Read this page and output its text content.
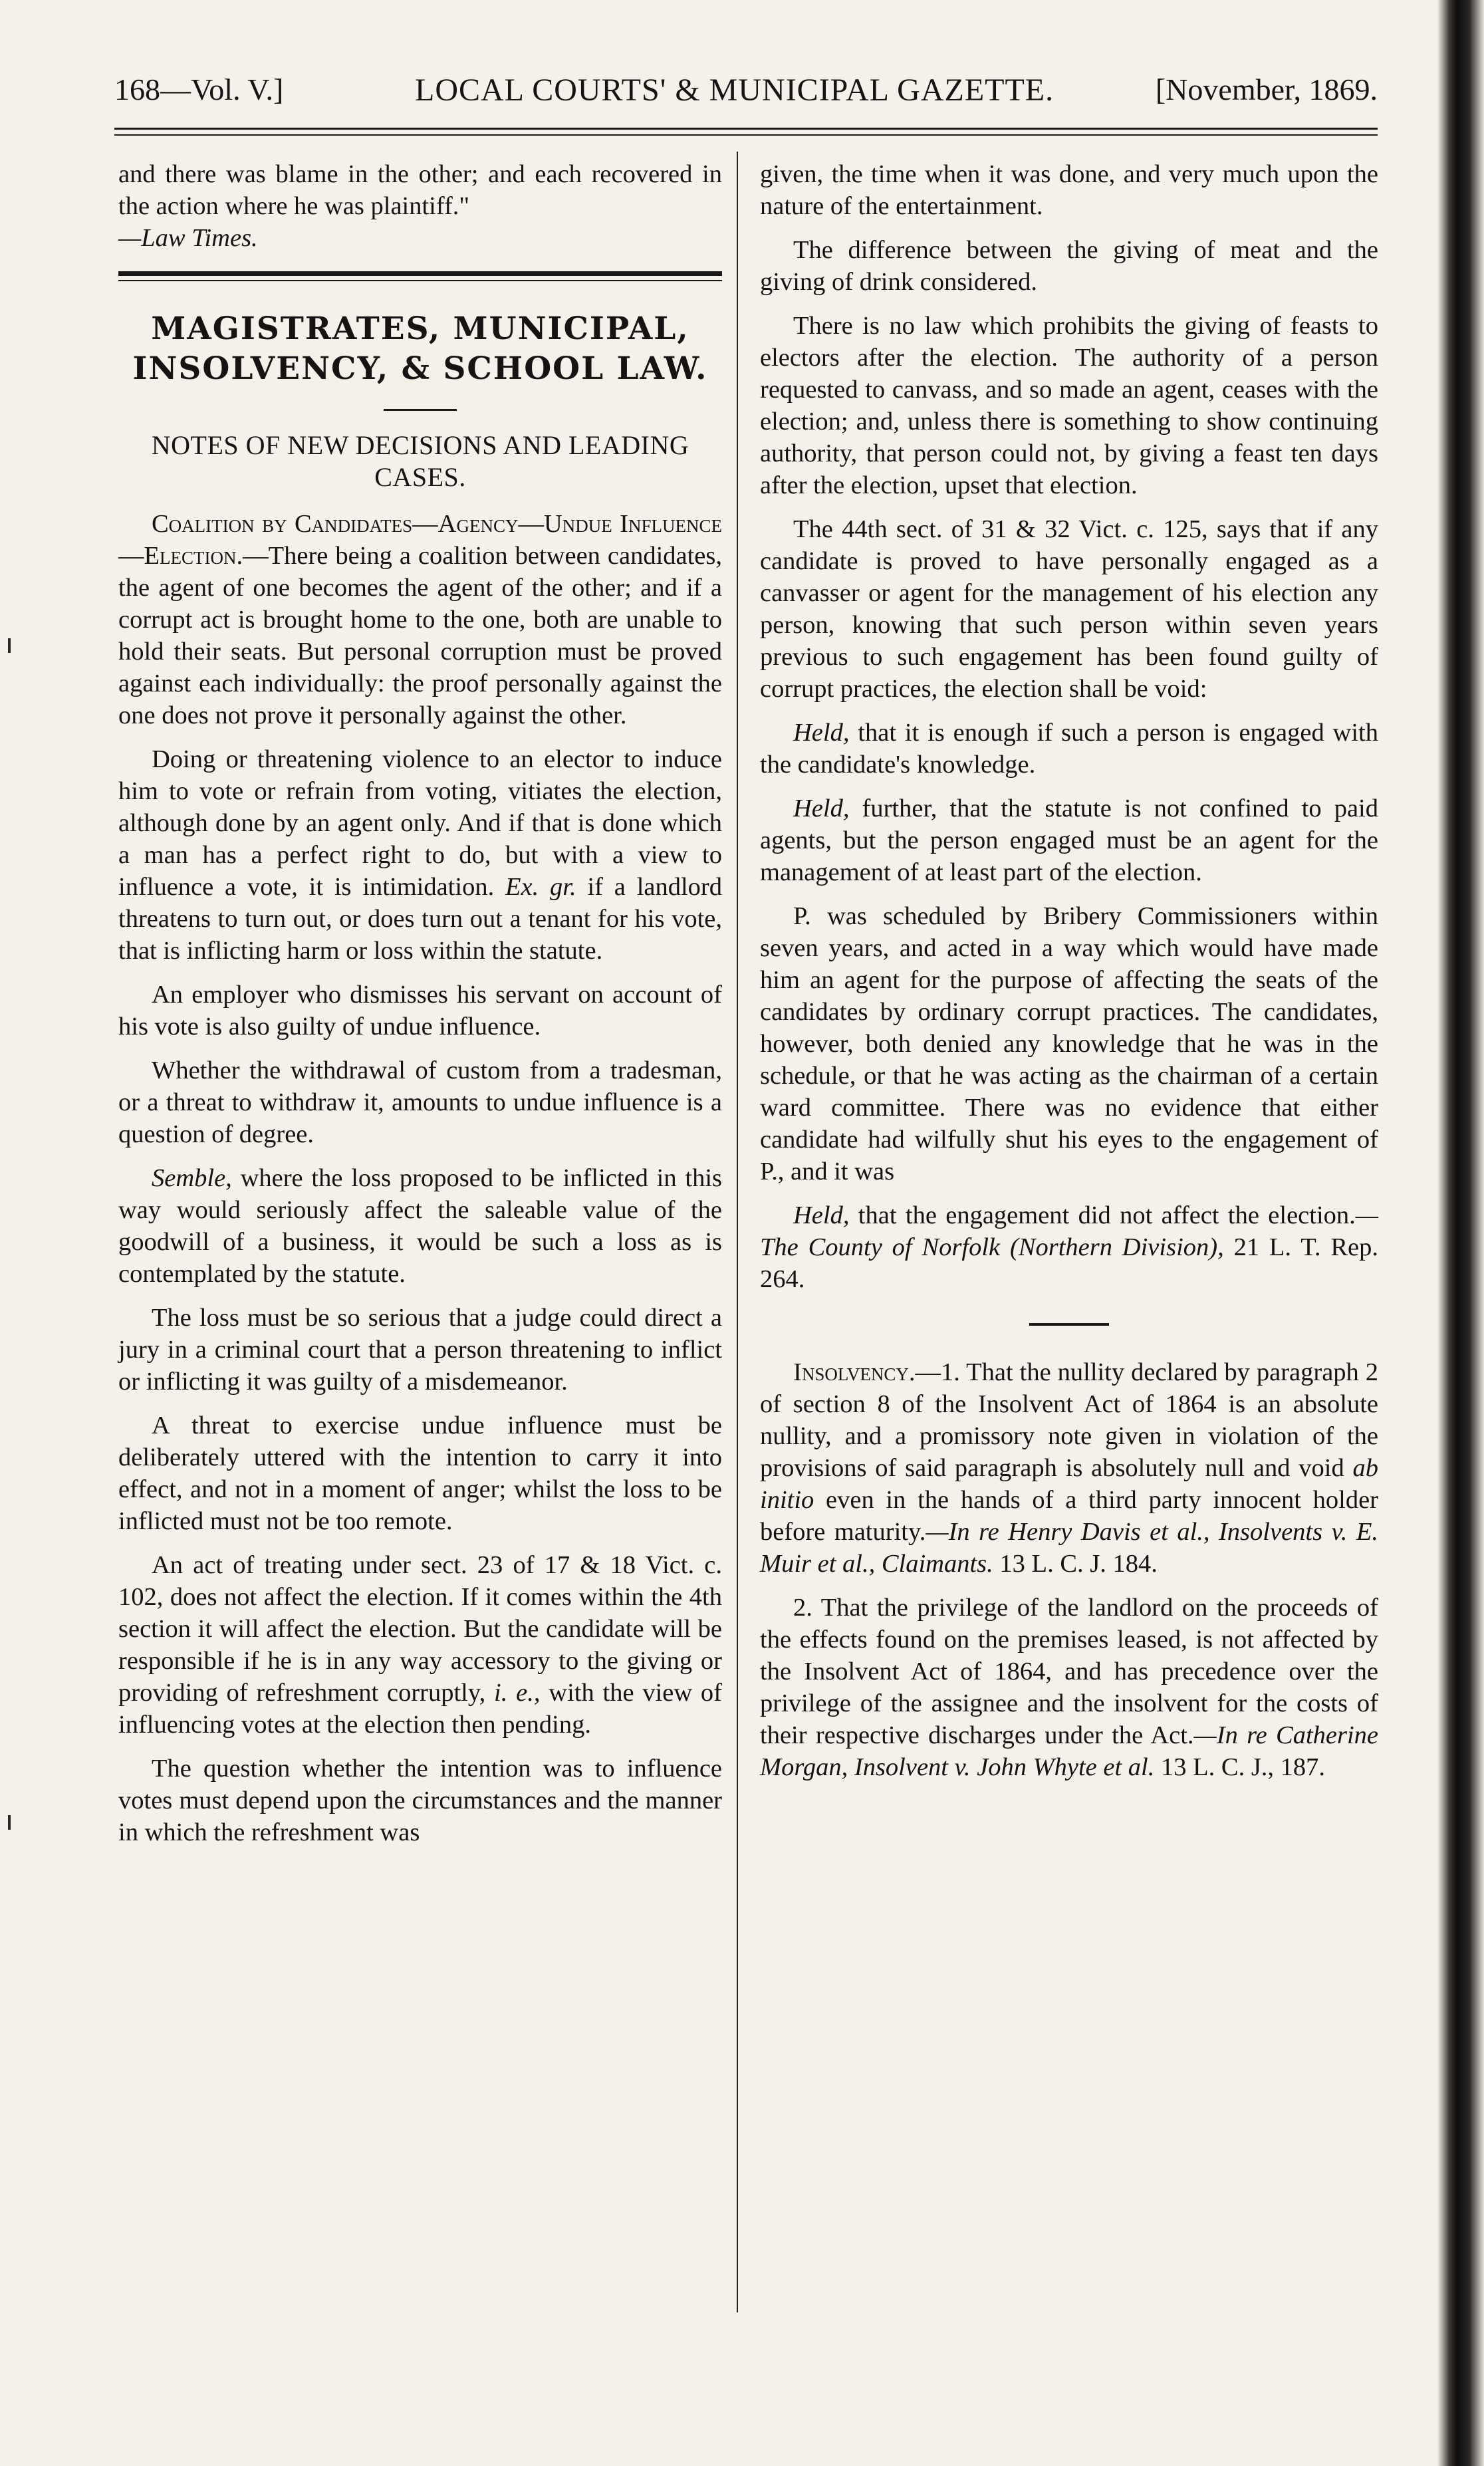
168—Vol. V.]	LOCAL COURTS' & MUNICIPAL GAZETTE.	[November, 1869.

and there was blame in the other; and each recovered in the action where he was plaintiff."
—Law Times.

MAGISTRATES, MUNICIPAL,
INSOLVENCY, & SCHOOL LAW.
NOTES OF NEW DECISIONS AND LEADING CASES.

Coalition by Candidates—Agency—Undue Influence—Election.—There being a coalition between candidates, the agent of one becomes the agent of the other; and if a corrupt act is brought home to the one, both are unable to hold their seats. But personal corruption must be proved against each individually: the proof personally against the one does not prove it personally against the other.

Doing or threatening violence to an elector to induce him to vote or refrain from voting, vitiates the election, although done by an agent only. And if that is done which a man has a perfect right to do, but with a view to influence a vote, it is intimidation. Ex. gr. if a landlord threatens to turn out, or does turn out a tenant for his vote, that is inflicting harm or loss within the statute.

An employer who dismisses his servant on account of his vote is also guilty of undue influence.

Whether the withdrawal of custom from a tradesman, or a threat to withdraw it, amounts to undue influence is a question of degree.

Semble, where the loss proposed to be inflicted in this way would seriously affect the saleable value of the goodwill of a business, it would be such a loss as is contemplated by the statute.

The loss must be so serious that a judge could direct a jury in a criminal court that a person threatening to inflict or inflicting it was guilty of a misdemeanor.

A threat to exercise undue influence must be deliberately uttered with the intention to carry it into effect, and not in a moment of anger; whilst the loss to be inflicted must not be too remote.

An act of treating under sect. 23 of 17 & 18 Vict. c. 102, does not affect the election. If it comes within the 4th section it will affect the election. But the candidate will be responsible if he is in any way accessory to the giving or providing of refreshment corruptly, i. e., with the view of influencing votes at the election then pending.

The question whether the intention was to influence votes must depend upon the circumstances and the manner in which the refreshment was

given, the time when it was done, and very much upon the nature of the entertainment.

The difference between the giving of meat and the giving of drink considered.

There is no law which prohibits the giving of feasts to electors after the election. The authority of a person requested to canvass, and so made an agent, ceases with the election; and, unless there is something to show continuing authority, that person could not, by giving a feast ten days after the election, upset that election.

The 44th sect. of 31 & 32 Vict. c. 125, says that if any candidate is proved to have personally engaged as a canvasser or agent for the management of his election any person, knowing that such person within seven years previous to such engagement has been found guilty of corrupt practices, the election shall be void:

Held, that it is enough if such a person is engaged with the candidate's knowledge.

Held, further, that the statute is not confined to paid agents, but the person engaged must be an agent for the management of at least part of the election.

P. was scheduled by Bribery Commissioners within seven years, and acted in a way which would have made him an agent for the purpose of affecting the seats of the candidates by ordinary corrupt practices. The candidates, however, both denied any knowledge that he was in the schedule, or that he was acting as the chairman of a certain ward committee. There was no evidence that either candidate had wilfully shut his eyes to the engagement of P., and it was

Held, that the engagement did not affect the election.—The County of Norfolk (Northern Division), 21 L. T. Rep. 264.

Insolvency.—1. That the nullity declared by paragraph 2 of section 8 of the Insolvent Act of 1864 is an absolute nullity, and a promissory note given in violation of the provisions of said paragraph is absolutely null and void ab initio even in the hands of a third party innocent holder before maturity.—In re Henry Davis et al., Insolvents v. E. Muir et al., Claimants. 13 L. C. J. 184.

2. That the privilege of the landlord on the proceeds of the effects found on the premises leased, is not affected by the Insolvent Act of 1864, and has precedence over the privilege of the assignee and the insolvent for the costs of their respective discharges under the Act.—In re Catherine Morgan, Insolvent v. John Whyte et al. 13 L. C. J., 187.
